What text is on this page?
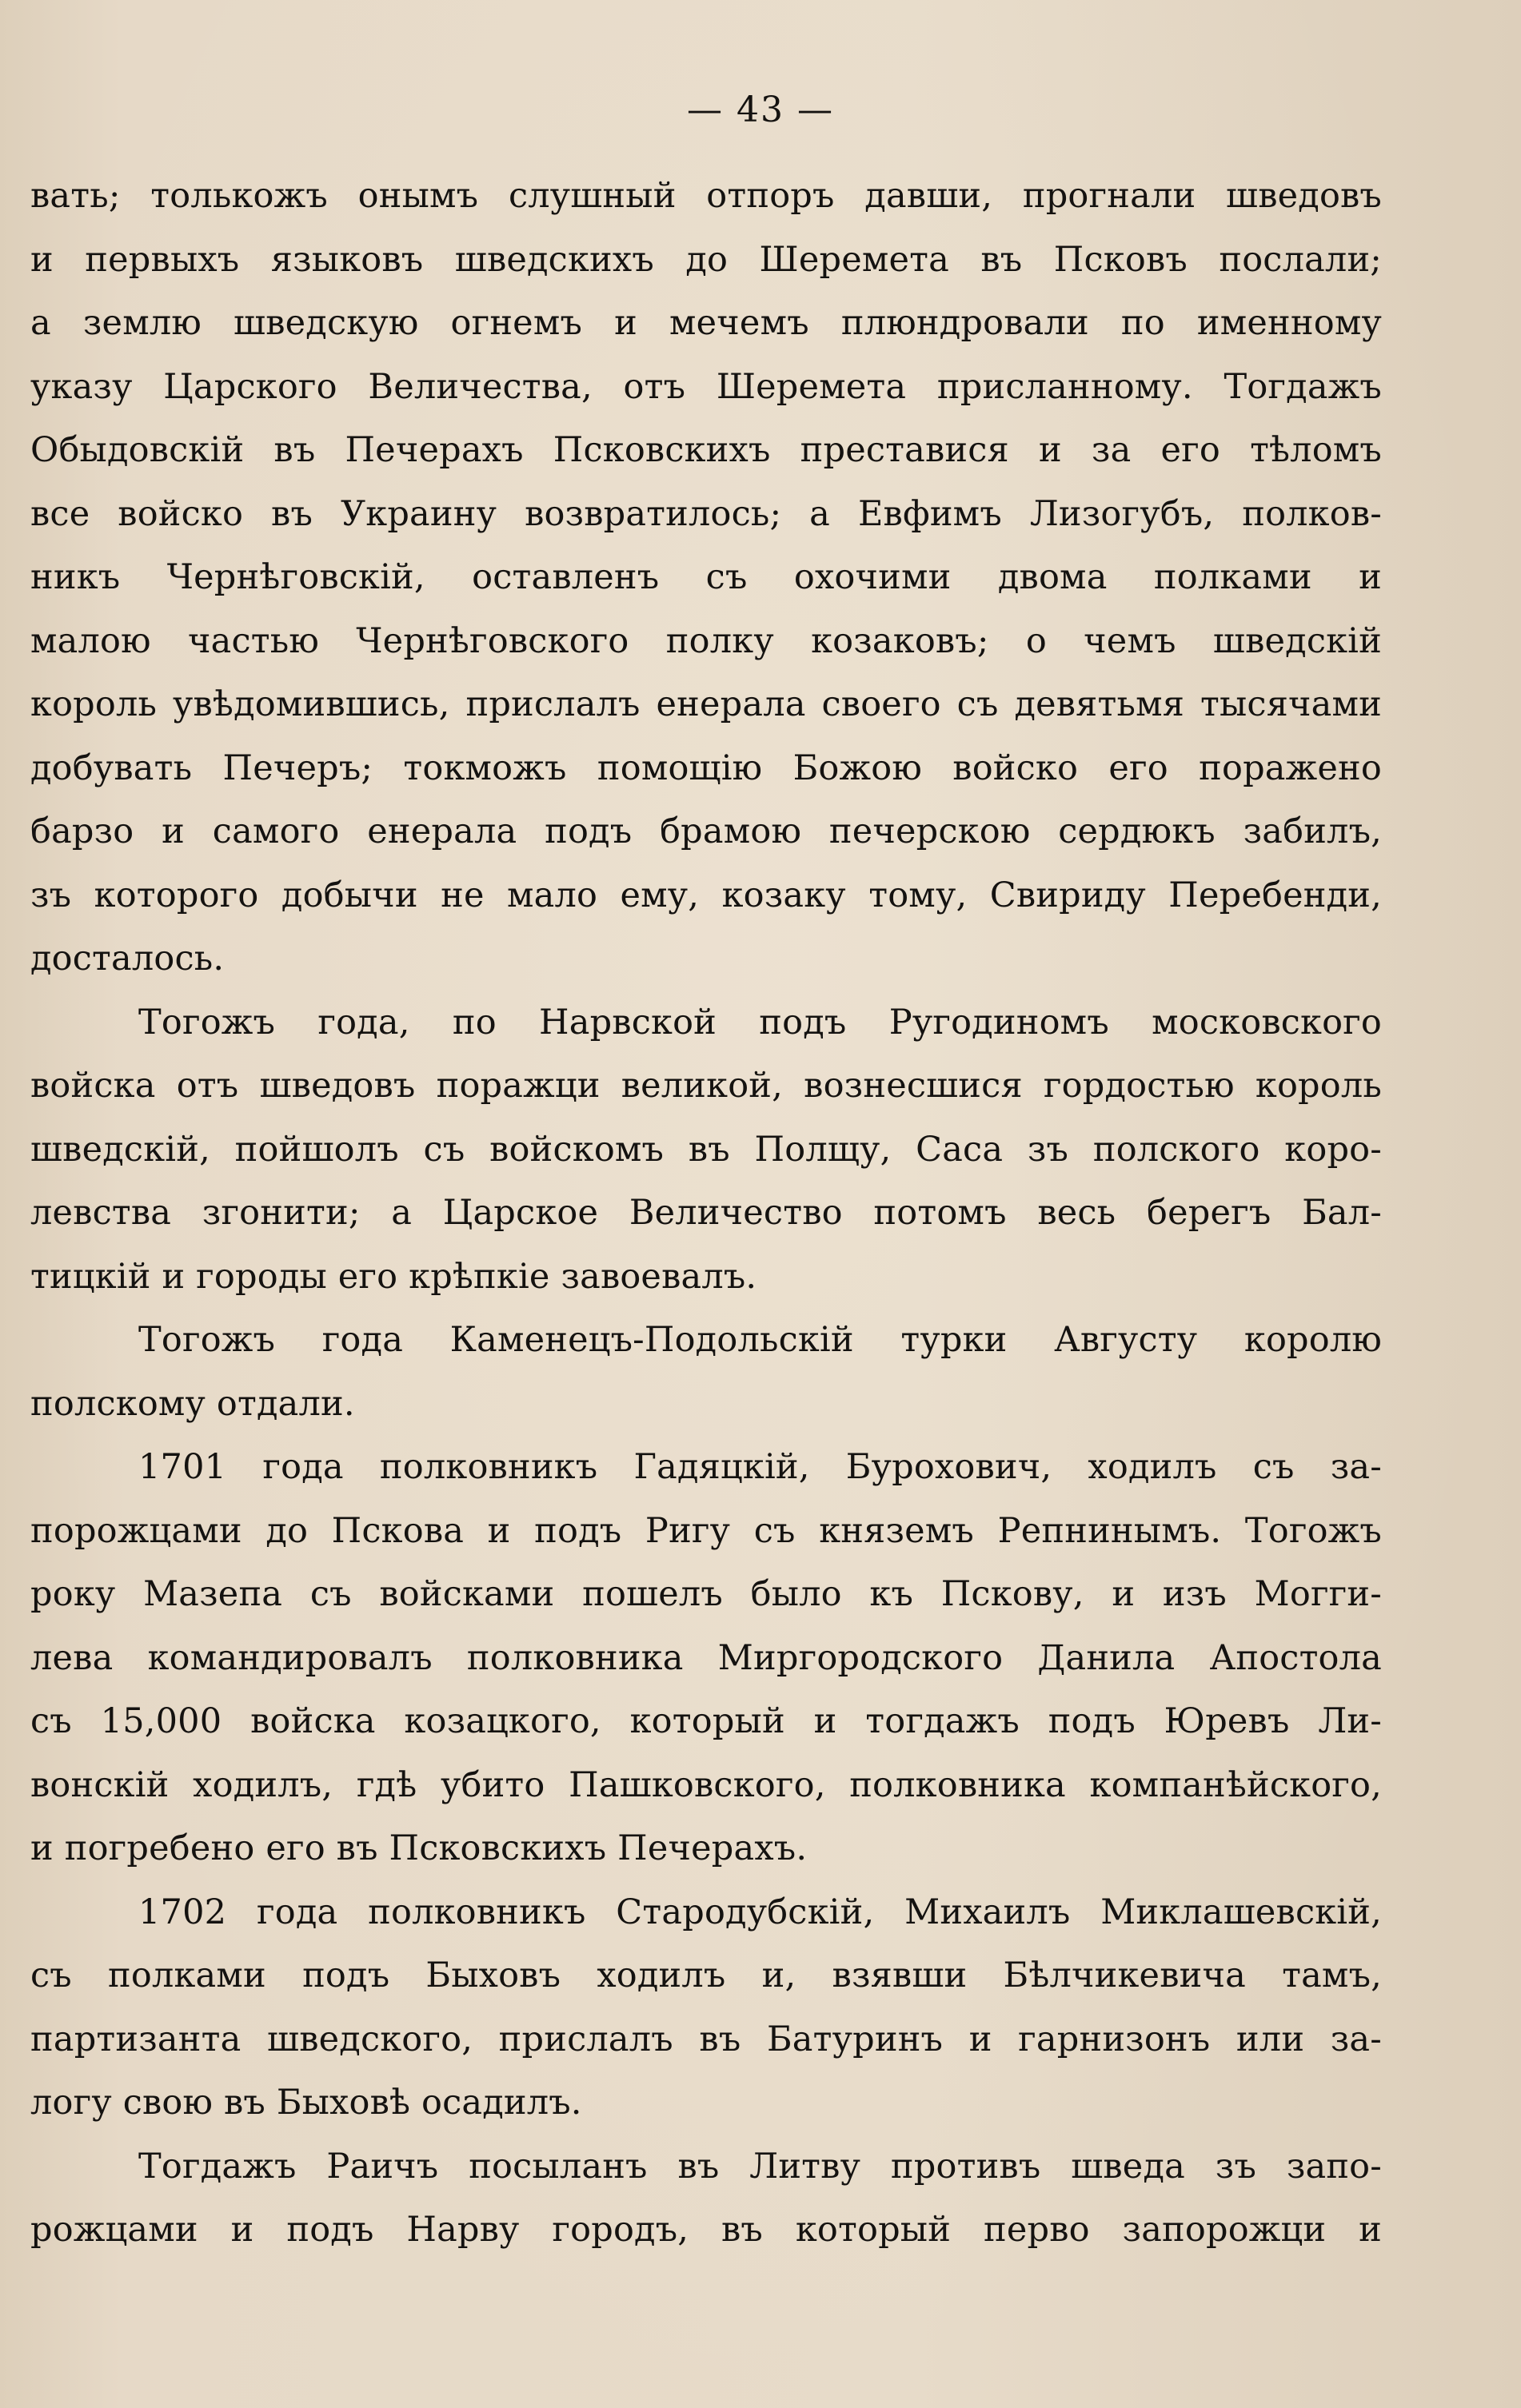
— 43 —
вать; толькожъ онымъ слушный отпоръ давши, прогнали шведовъ
и первыхъ языковъ шведскихъ до Шеремета въ Псковъ послали;
а землю шведскую огнемъ и мечемъ плюндровали по именному
указу Царского Величества, отъ Шеремета присланному. Тогдажъ
Обыдовскій въ Печерахъ Псковскихъ преставися и за его тѣломъ
все войско въ Украину возвратилось; а Евфимъ Лизогубъ, полков-
никъ Чернѣговскій, оставленъ съ охочими двома полками и
малою частью Чернѣговского полку козаковъ; о чемъ шведскій
король увѣдомившись, прислалъ енерала своего съ девятьмя тысячами
добувать Печеръ; токможъ помощію Божою войско его поражено
барзо и самого енерала подъ брамою печерскою сердюкъ забилъ,
зъ которого добычи не мало ему, козаку тому, Свириду Перебенди,
досталось.
Тогожъ года, по Нарвской подъ Ругодиномъ московского
войска отъ шведовъ поражци великой, вознесшися гордостью король
шведскій, пойшолъ съ войскомъ въ Полщу, Саса зъ полского коро-
левства згонити; а Царское Величество потомъ весь берегъ Бал-
тицкій и городы его крѣпкіе завоевалъ.
Тогожъ года Каменецъ-Подольскій турки Августу королю
полскому отдали.
1701 года полковникъ Гадяцкій, Бурохович, ходилъ съ за-
порожцами до Пскова и подъ Ригу съ княземъ Репнинымъ. Тогожъ
року Мазепа съ войсками пошелъ было къ Пскову, и изъ Могги-
лева командировалъ полковника Миргородского Данила Апостола
съ 15,000 войска козацкого, который и тогдажъ подъ Юревъ Ли-
вонскій ходилъ, гдѣ убито Пашковского, полковника компанѣйского,
и погребено его въ Псковскихъ Печерахъ.
1702 года полковникъ Стародубскій, Михаилъ Миклашевскій,
съ полками подъ Быховъ ходилъ и, взявши Бѣлчикевича тамъ,
партизанта шведского, прислалъ въ Батуринъ и гарнизонъ или за-
логу свою въ Быховѣ осадилъ.
Тогдажъ Раичъ посыланъ въ Литву противъ шведа зъ запо-
рожцами и подъ Нарву городъ, въ который перво запорожци и
